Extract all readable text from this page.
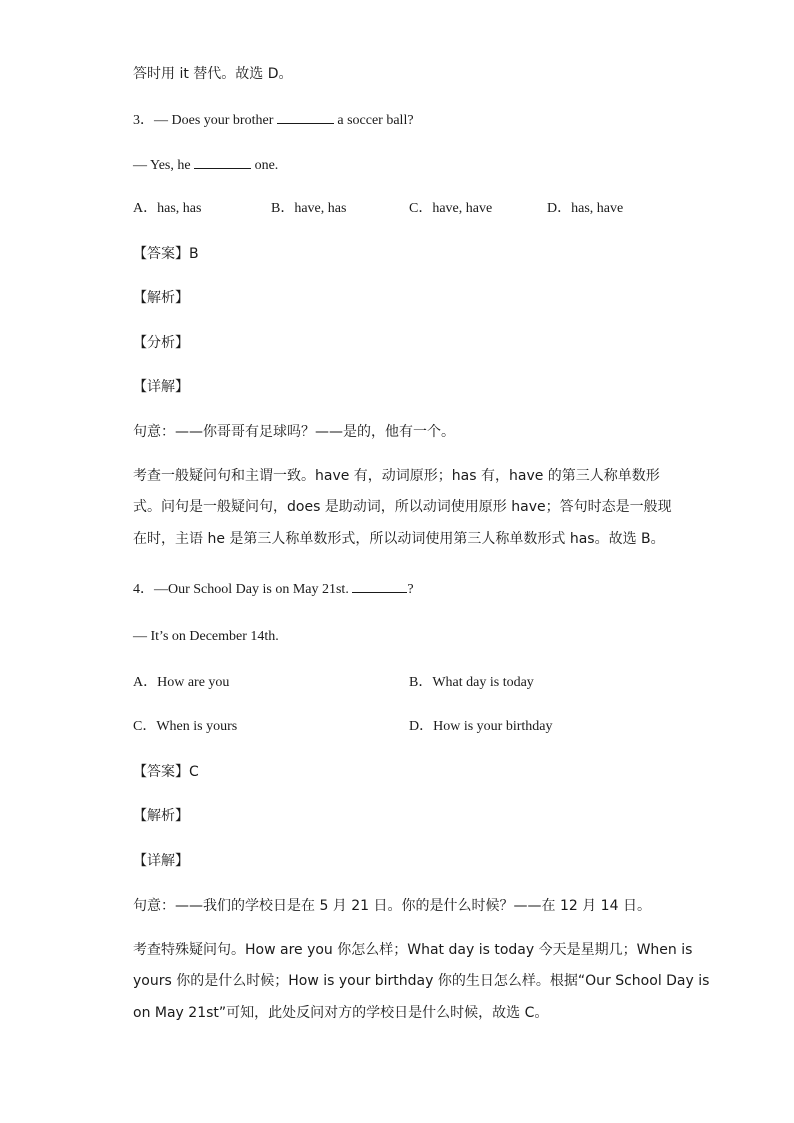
答时用 it 替代。故选 D。
3．— Does your brother	a soccer ball?
— Yes, he	one.
A．has, has	B．have, has	C．have, have	D．has, have
【答案】B
【解析】
【分析】
【详解】
句意：——你哥哥有足球吗？——是的，他有一个。
考查一般疑问句和主谓一致。have 有，动词原形；has 有，have 的第三人称单数形
式。问句是一般疑问句，does 是助动词，所以动词使用原形 have；答句时态是一般现
在时，主语 he 是第三人称单数形式，所以动词使用第三人称单数形式 has。故选 B。
4．—Our School Day is on May 21st.	?
— It’s on December 14th.
A．How are you	B．What day is today
C．When is yours	D．How is your birthday
【答案】C
【解析】
【详解】
句意：——我们的学校日是在 5 月 21 日。你的是什么时候？——在 12 月 14 日。
考查特殊疑问句。How are you 你怎么样；What day is today 今天是星期几；When is
yours 你的是什么时候；How is your birthday 你的生日怎么样。根据“Our School Day is
on May 21st”可知，此处反问对方的学校日是什么时候，故选 C。
